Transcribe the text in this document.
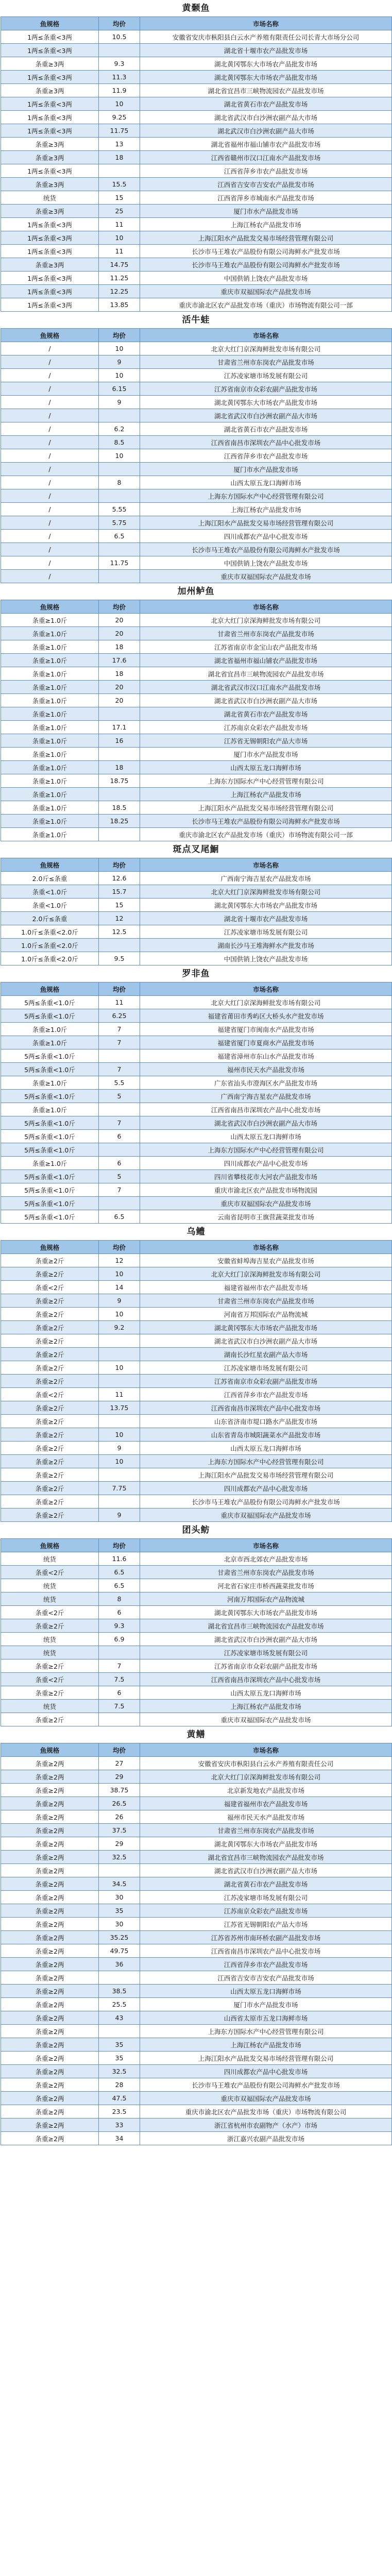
黄颡鱼
鱼规格	均价	市场名称
1两≤条重<3两	10.5	安徽省安庆市枞阳县白云水产养殖有限责任公司长青大市场分公司
1两≤条重<3两		湖北省十堰市农产品批发市场
条重≥3两	9.3	湖北黄冈鄂东大市场农产品批发市场
1两≤条重<3两	11.3	湖北黄冈鄂东大市场农产品批发市场
条重≥3两	11.9	湖北省宜昌市三峡物流园农产品批发市场
1两≤条重<3两	10	湖北省黄石市农产品批发市场
1两≤条重<3两	9.25	湖北省武汉市白沙洲农副产品大市场
1两≤条重<3两	11.75	湖北武汉市白沙洲农副产品大市场
条重≥3两	13	湖北省福州市福山铺市农产品批发市场
条重≥3两	18	江西省赣州市汉口江南水产品批发市场
1两≤条重<3两		江西省萍乡市农产品批发市场
条重≥3两	15.5	江西省吉安市吉安农产品批发市场
统货	15	江西省萍乡市城南水产品批发市场
条重≥3两	25	厦门市水产品批发市场
1两≤条重<3两	11	上海江杨农产品批发市场
1两≤条重<3两	10	上海江阳水产品批发交易市场经营管理有限公司
1两≤条重<3两	11	长沙市马王堆农产品股份有限公司海鲜水产批发市场
条重≥3两	14.75	长沙市马王堆农产品股份有限公司海鲜水产批发市场
1两≤条重<3两	11.25	中国供销上饶农产品批发市场
1两≤条重<3两	12.25	重庆市双福国际农产品批发市场
1两≤条重<3两	13.85	重庆市渝北区农产品批发市场（重庆）市场物流有限公司一部
活牛蛙
鱼规格	均价	市场名称
/	10	北京大红门京深海鲜批发市场有限公司
/	9	甘肃省兰州市东岗农产品批发市场
/	10	江苏凌家塘市场发展有限公司
/	6.15	江苏省南京市众彩农副产品批发市场
/	9	湖北黄冈鄂东大市场农产品批发市场
/		湖北省武汉市白沙洲农副产品大市场
/	6.2	湖北省黄石市农产品批发市场
/	8.5	江西省南昌市深圳农产品中心批发市场
/	10	江西省萍乡市农产品批发市场
/		厦门市水产品批发市场
/	8	山西太原五龙口海鲜市场
/		上海东方国际水产中心经营管理有限公司
/	5.55	上海江杨农产品批发市场
/	5.75	上海江阳水产品批发交易市场经营管理有限公司
/	6.5	四川成都农产品中心批发市场
/		长沙市马王堆农产品股份有限公司海鲜水产批发市场
/	11.75	中国供销上饶农产品批发市场
/		重庆市双福国际农产品批发市场
加州鲈鱼
鱼规格	均价	市场名称
条重≥1.0斤	20	北京大红门京深海鲜批发市场有限公司
条重≥1.0斤	20	甘肃省兰州市东岗农产品批发市场
条重≥1.0斤	18	江苏省南京市金宝山农产品批发市场
条重≥1.0斤	17.6	湖北省福州市福山铺农产品批发市场
条重≥1.0斤	18	湖北省宜昌市三峡物流园农产品批发市场
条重≥1.0斤	20	湖北省武汉市汉口江南水产品批发市场
条重≥1.0斤	20	湖北省武汉市白沙洲农副产品大市场
条重≥1.0斤		湖北省黄石市农产品批发市场
条重≥1.0斤	17.1	江苏南京众彩农产品批发市场
条重≥1.0斤	16	江苏省无锡朝阳农产品大市场
条重≥1.0斤		厦门市水产品批发市场
条重≥1.0斤	18	山西太原五龙口海鲜市场
条重≥1.0斤	18.75	上海东方国际水产中心经营管理有限公司
条重≥1.0斤		上海江杨农产品批发市场
条重≥1.0斤	18.5	上海江阳水产品批发交易市场经营管理有限公司
条重≥1.0斤	18.25	长沙市马王堆农产品股份有限公司海鲜水产批发市场
条重≥1.0斤		重庆市渝北区农产品批发市场（重庆）市场物流有限公司一部
斑点叉尾鮰
鱼规格	均价	市场名称
2.0斤≤条重	12.6	广西南宁海吉星农产品批发市场
条重<1.0斤	15.7	北京大红门京深海鲜批发市场有限公司
条重<1.0斤	15	湖北黄冈鄂东大市场农产品批发市场
2.0斤≤条重	12	湖北省十堰市农产品批发市场
1.0斤≤条重<2.0斤	12.5	江苏凌家塘市场发展有限公司
1.0斤≤条重<2.0斤		湖南长沙马王堆海鲜水产批发市场
1.0斤≤条重<2.0斤	9.5	中国供销上饶农产品批发市场
罗非鱼
鱼规格	均价	市场名称
5两≤条重<1.0斤	11	北京大红门京深海鲜批发市场有限公司
5两≤条重<1.0斤	6.25	福建省莆田市秀屿区大桥头水产批发市场
条重≥1.0斤	7	福建省厦门市闽南水产品批发市场
条重≥1.0斤	7	福建省厦门市夏商水产品批发市场
5两≤条重<1.0斤		福建省漳州市东山水产品批发市场
5两≤条重<1.0斤	7	福州市民天水产品批发市场
条重≥1.0斤	5.5	广东省汕头市澄海区水产品批发市场
5两≤条重<1.0斤	5	广西南宁海吉星农产品批发市场
条重≥1.0斤		江西省南昌市深圳农产品中心批发市场
5两≤条重<1.0斤	7	湖北省武汉市白沙洲农副产品大市场
5两≤条重<1.0斤	6	山西太原五龙口海鲜市场
5两≤条重<1.0斤		上海东方国际水产中心经营管理有限公司
条重≥1.0斤	6	四川成都农产品中心批发市场
5两≤条重<1.0斤	5	四川省攀枝花市大河农产品批发市场
5两≤条重<1.0斤	7	重庆市渝北区农产品批发市场物流园
5两≤条重<1.0斤		重庆市双福国际农产品批发市场
5两≤条重<1.0斤	6.5	云南省昆明市王旗营蔬菜批发市场
乌鳢
鱼规格	均价	市场名称
条重≥2斤	12	安徽省蚌埠海吉星农产品批发市场
条重≥2斤	10	北京大红门京深海鲜批发市场有限公司
条重<2斤	14	福建省福州市农产品批发市场
条重≥2斤	9	甘肃省兰州市东岗农产品批发市场
条重≥2斤	10	河南省万邦国际农产品物流城
条重≥2斤	9.2	湖北黄冈鄂东大市场农产品批发市场
条重≥2斤		湖北省武汉市白沙洲农副产品大市场
条重≥2斤		湖南长沙红星农副产品大市场
条重≥2斤	10	江苏凌家塘市场发展有限公司
条重≥2斤		江苏省南京市众彩农副产品批发市场
条重<2斤	11	江西省萍乡市农产品批发市场
条重≥2斤	13.75	江西省南昌市深圳农产品中心批发市场
条重≥2斤		山东省济南市堤口路水产品批发市场
条重≥2斤	10	山东省青岛市城阳蔬菜水产品批发市场
条重≥2斤	9	山西太原五龙口海鲜市场
条重≥2斤	10	上海东方国际水产中心经营管理有限公司
条重≥2斤		上海江阳水产品批发交易市场经营管理有限公司
条重≥2斤	7.75	四川成都农产品中心批发市场
条重≥2斤		长沙市马王堆农产品股份有限公司海鲜水产批发市场
条重≥2斤	9	重庆市双福国际农产品批发市场
团头鲂
鱼规格	均价	市场名称
统货	11.6	北京市西北郊农产品批发市场
条重<2斤	6.5	甘肃省兰州市东岗农产品批发市场
统货	6.5	河北省石家庄市桥西蔬菜批发市场
统货	8	河南万邦国际农产品物流城
条重<2斤	6	湖北黄冈鄂东大市场农产品批发市场
条重≥2斤	9.3	湖北省宜昌市三峡物流园农产品批发市场
统货	6.9	湖北省武汉市白沙洲农副产品大市场
统货		江苏凌家塘市场发展有限公司
条重≥2斤	7	江苏省南京市众彩农副产品批发市场
条重<2斤	7.5	江西省南昌市深圳农产品中心批发市场
条重≥2斤	6	山西太原五龙口海鲜市场
统货	7.5	上海江杨农产品批发市场
条重≥2斤		重庆市双福国际农产品批发市场
黄鳝
鱼规格	均价	市场名称
条重≥2两	27	安徽省安庆市枞阳县白云水产养殖有限责任公司
条重≥2两	29	北京大红门京深海鲜批发市场有限公司
条重≥2两	38.75	北京新发地农产品批发市场
条重≥2两	26.5	福建省福州市农产品批发市场
条重≥2两	26	福州市民天水产品批发市场
条重≥2两	37.5	甘肃省兰州市东岗农产品批发市场
条重≥2两	29	湖北黄冈鄂东大市场农产品批发市场
条重≥2两	32.5	湖北省宜昌市三峡物流园农产品批发市场
条重≥2两		湖北省武汉市白沙洲农副产品大市场
条重≥2两	34.5	湖北省黄石市农产品批发市场
条重≥2两	30	江苏凌家塘市场发展有限公司
条重≥2两	35	江苏南京众彩农产品批发市场
条重≥2两	30	江苏省无锡朝阳农产品大市场
条重≥2两	35.25	江苏省苏州市南环桥农副产品批发市场
条重≥2两	49.75	江西省南昌市深圳农产品中心批发市场
条重≥2两	36	江西省萍乡市农产品批发市场
条重≥2两		江西省吉安市吉安农产品批发市场
条重≥2两	38.5	山西太原五龙口海鲜市场
条重≥2两	25.5	厦门市水产品批发市场
条重≥2两	43	山西省太原市五龙口海鲜市场
条重≥2两		上海东方国际水产中心经营管理有限公司
条重≥2两	35	上海江杨农产品批发市场
条重≥2两	35	上海江阳水产品批发交易市场经营管理有限公司
条重≥2两	32.5	四川成都农产品中心批发市场
条重≥2两	28	长沙市马王堆农产品股份有限公司海鲜水产批发市场
条重≥2两	47.5	重庆市双福国际农产品批发市场
条重≥2两	23.5	重庆市渝北区农产品批发市场（重庆）市场物流有限公司
条重≥2两	33	浙江省杭州市农副物产（水产）市场
条重≥2两	34	浙江嘉兴农副产品批发市场
